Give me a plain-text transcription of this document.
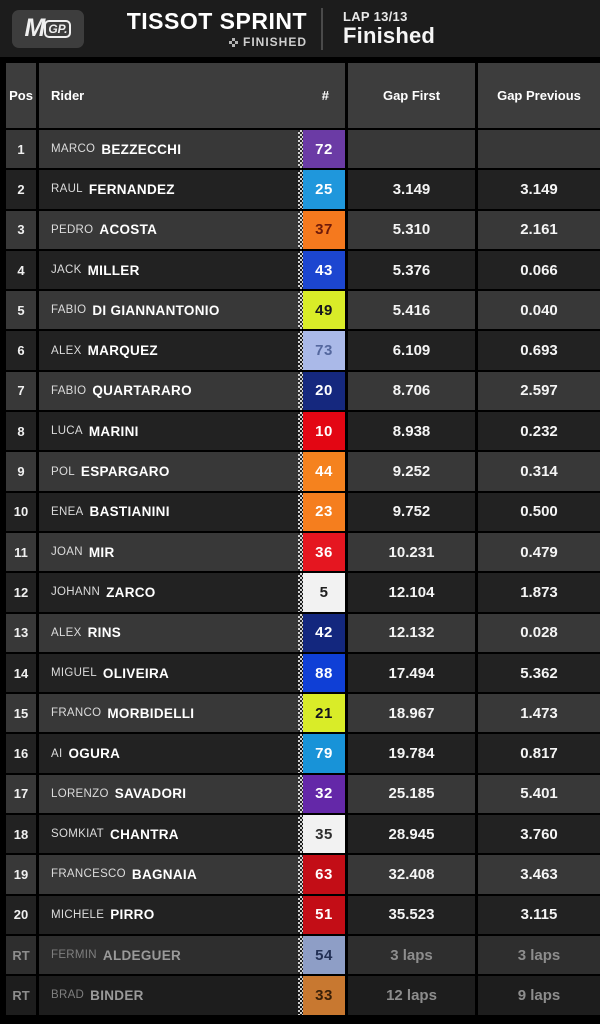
M GP.	TISSOT SPRINT
FINISHED
LAP 13/13
Finished
Pos Rider	#	Gap First	Gap Previous
1	MARCO BEZZECCHI	72
2	RAUL FERNANDEZ	25	3.149	3.149
3	PEDRO ACOSTA	37	5.310	2.161
4	JACK MILLER	43	5.376	0.066
5	FABIO DI GIANNANTONIO	49	5.416	0.040
6	ALEX MARQUEZ	73	6.109	0.693
7	FABIO QUARTARARO	20	8.706	2.597
8	LUCA MARINI	10	8.938	0.232
9	POL ESPARGARO	44	9.252	0.314
10	ENEA BASTIANINI	23	9.752	0.500
11	JOAN MIR	36	10.231	0.479
12	JOHANN ZARCO	5	12.104	1.873
13	ALEX RINS	42	12.132	0.028
14	MIGUEL OLIVEIRA	88	17.494	5.362
15	FRANCO MORBIDELLI	21	18.967	1.473
16	AI OGURA	79	19.784	0.817
17	LORENZO SAVADORI	32	25.185	5.401
18	SOMKIAT CHANTRA	35	28.945	3.760
19	FRANCESCO BAGNAIA	63	32.408	3.463
20	MICHELE PIRRO	51	35.523	3.115
RT	FERMIN ALDEGUER	54	3 laps	3 laps
RT	BRAD BINDER	33	12 laps	9 laps
